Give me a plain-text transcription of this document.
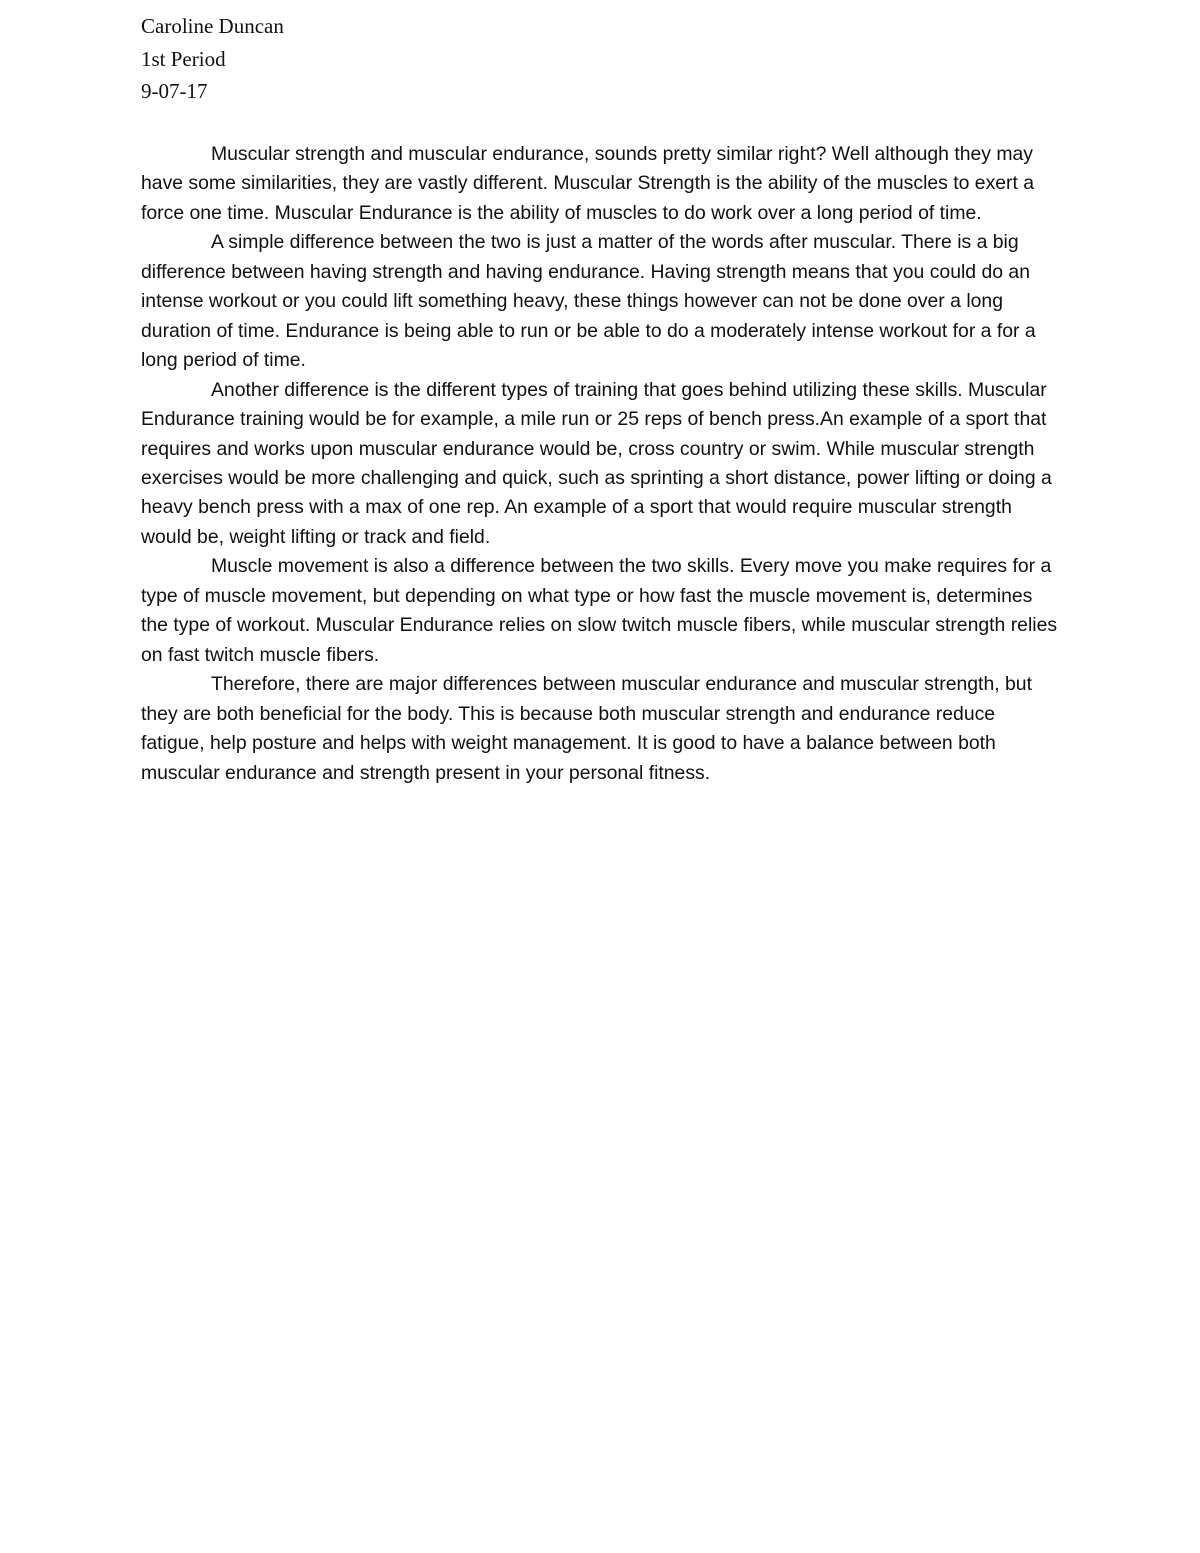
Caroline Duncan
1st Period
9-07-17

Muscular strength and muscular endurance, sounds pretty similar right? Well although they may have some similarities, they are vastly different. Muscular Strength is the ability of the muscles to exert a force one time. Muscular Endurance is the ability of muscles to do work over a long period of time.

A simple difference between the two is just a matter of the words after muscular. There is a big difference between having strength and having endurance. Having strength means that you could do an intense workout or you could lift something heavy, these things however can not be done over a long duration of time. Endurance is being able to run or be able to do a moderately intense workout for a for a long period of time.

Another difference is the different types of training that goes behind utilizing these skills. Muscular Endurance training would be for example, a mile run or 25 reps of bench press.An example of a sport that requires and works upon muscular endurance would be, cross country or swim. While muscular strength exercises would be more challenging and quick, such as sprinting a short distance, power lifting or doing a heavy bench press with a max of one rep. An example of a sport that would require muscular strength would be, weight lifting or track and field.

Muscle movement is also a difference between the two skills. Every move you make requires for a type of muscle movement, but depending on what type or how fast the muscle movement is, determines the type of workout. Muscular Endurance relies on slow twitch muscle fibers, while muscular strength relies on fast twitch muscle fibers.

Therefore, there are major differences between muscular endurance and muscular strength, but they are both beneficial for the body. This is because both muscular strength and endurance reduce fatigue, help posture and helps with weight management. It is good to have a balance between both muscular endurance and strength present in your personal fitness.
